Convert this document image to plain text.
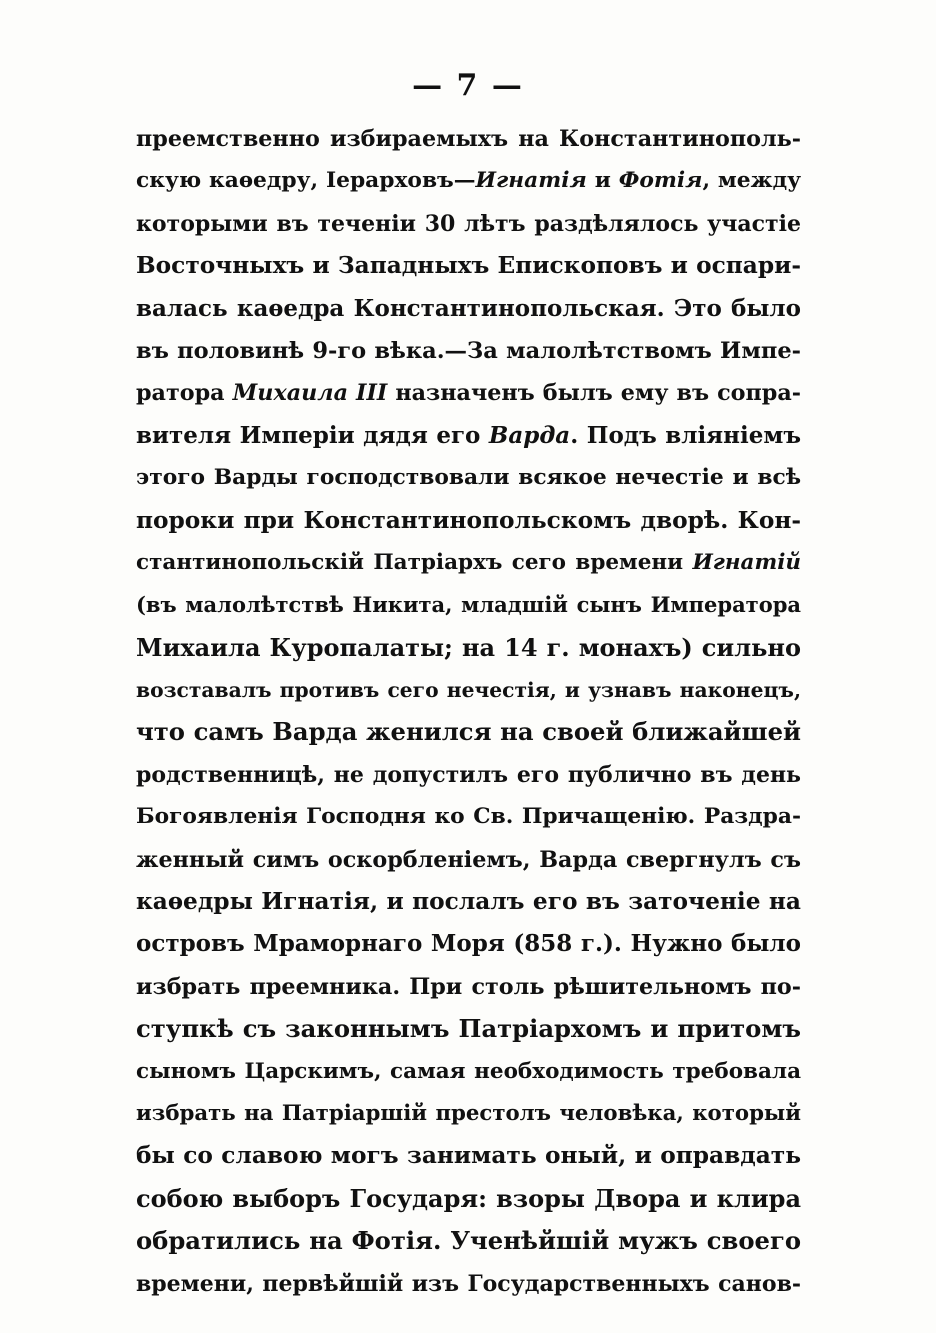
— 7 —
преемственно избираемыхъ на Константинополь-
скую каѳедру, Іерарховъ—Игнатія и Фотія, между
которыми въ теченіи 30 лѣтъ раздѣлялось участіе
Восточныхъ и Западныхъ Епископовъ и оспари-
валась каѳедра Константинопольская. Это было
въ половинѣ 9-го вѣка.—За малолѣтствомъ Импе-
ратора Михаила III назначенъ былъ ему въ сопра-
вителя Имперіи дядя его Варда. Подъ вліяніемъ
этого Варды господствовали всякое нечестіе и всѣ
пороки при Константинопольскомъ дворѣ. Кон-
стантинопольскій Патріархъ сего времени Игнатій
(въ малолѣтствѣ Никита, младшій сынъ Императора
Михаила Куропалаты; на 14 г. монахъ) сильно
возставалъ противъ сего нечестія, и узнавъ наконецъ,
что самъ Варда женился на своей ближайшей
родственницѣ, не допустилъ его публично въ день
Богоявленія Господня ко Св. Причащенію. Раздра-
женный симъ оскорбленіемъ, Варда свергнулъ съ
каѳедры Игнатія, и послалъ его въ заточеніе на
островъ Мраморнаго Моря (858 г.). Нужно было
избрать преемника. При столь рѣшительномъ по-
ступкѣ съ законнымъ Патріархомъ и притомъ
сыномъ Царскимъ, самая необходимость требовала
избрать на Патріаршій престолъ человѣка, который
бы со славою могъ занимать оный, и оправдать
собою выборъ Государя: взоры Двора и клира
обратились на Фотія. Ученѣйшій мужъ своего
времени, первѣйшій изъ Государственныхъ санов-
